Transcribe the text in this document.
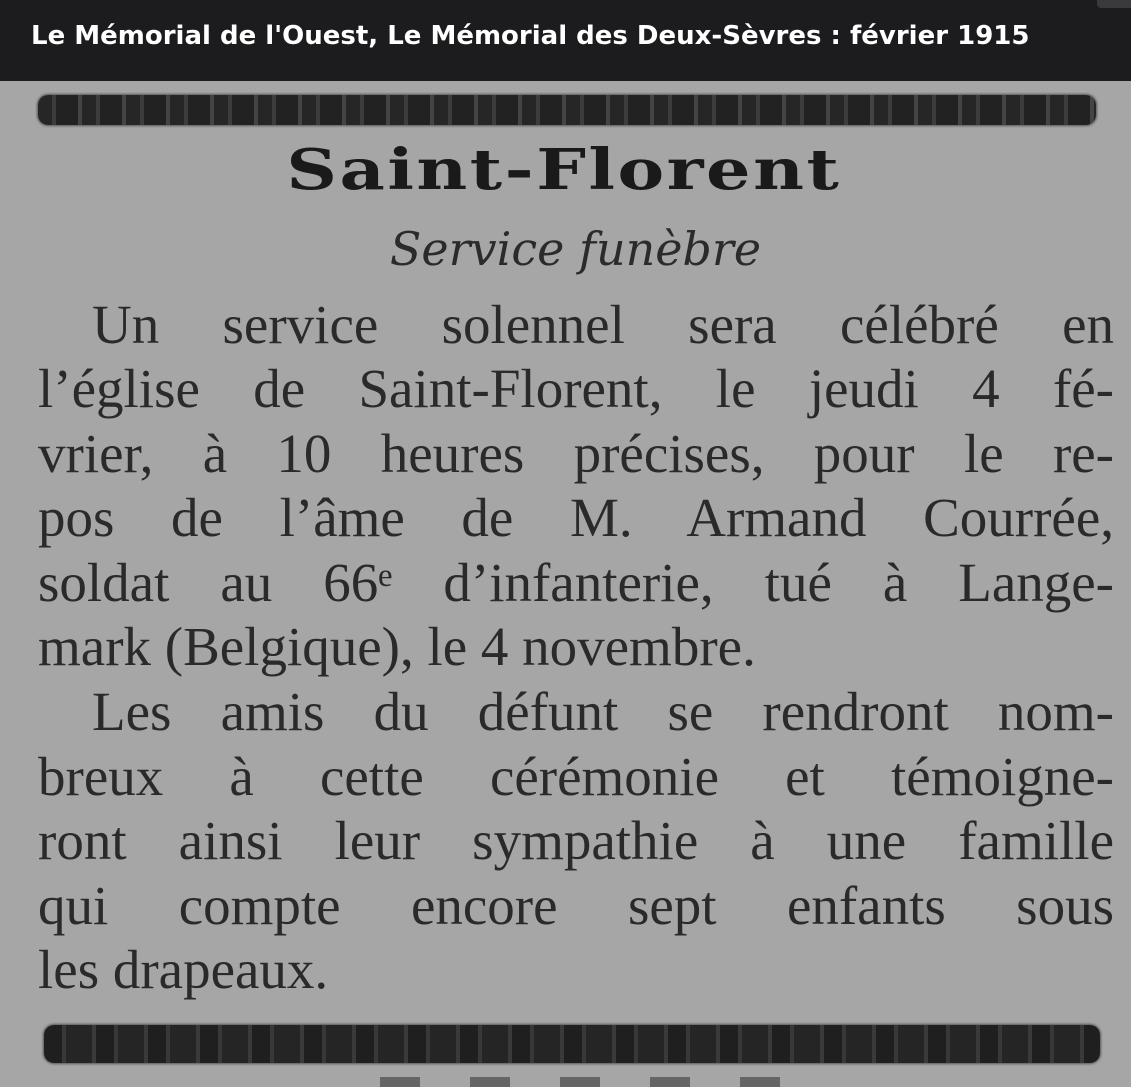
Le Mémorial de l'Ouest, Le Mémorial des Deux-Sèvres : février 1915
Saint-Florent
Service funèbre
Un service solennel sera célébré en
l’église de Saint-Florent, le jeudi 4 fé-
vrier, à 10 heures précises, pour le re-
pos de l’âme de M. Armand Courrée,
soldat au 66ᵉ d’infanterie, tué à Lange-
mark (Belgique), le 4 novembre.
Les amis du défunt se rendront nom-
breux à cette cérémonie et témoigne-
ront ainsi leur sympathie à une famille
qui compte encore sept enfants sous
les drapeaux.
